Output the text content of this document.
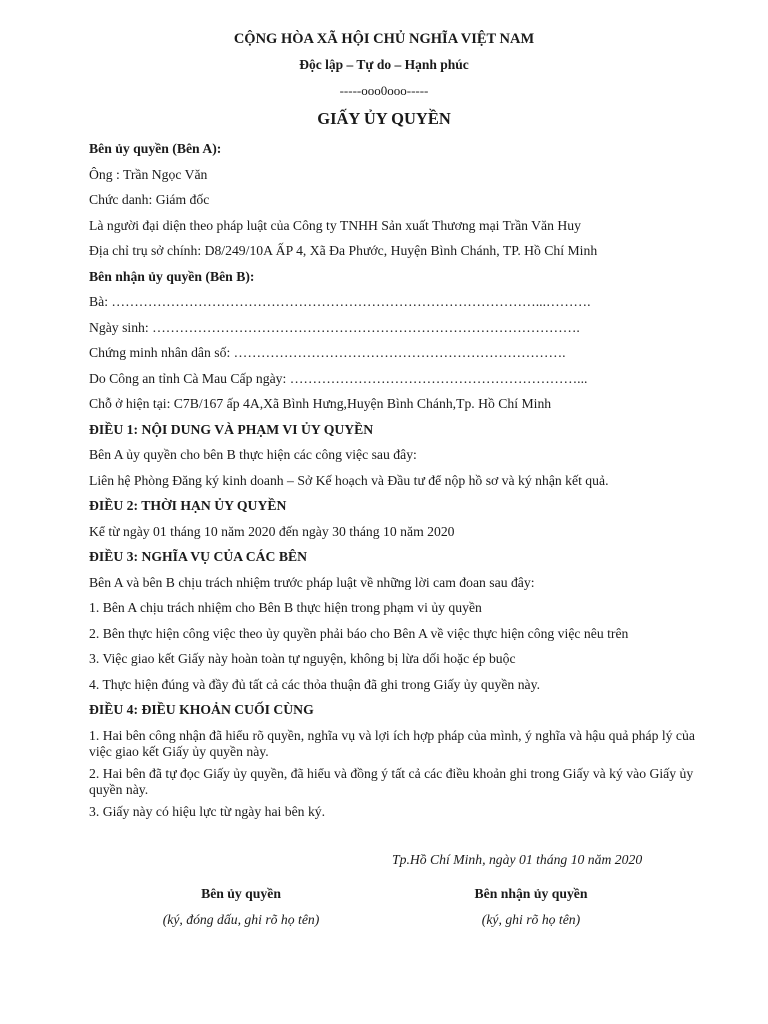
CỘNG HÒA XÃ HỘI CHỦ NGHĨA VIỆT NAM
Độc lập – Tự do – Hạnh phúc
-----ooo0ooo-----
GIẤY ỦY QUYỀN

Bên ủy quyền (Bên A):

Ông : Trần Ngọc Văn

Chức danh: Giám đốc

Là người đại diện theo pháp luật của Công ty TNHH Sản xuất Thương mại Trần Văn Huy

Địa chỉ trụ sở chính: D8/249/10A ẤP 4, Xã Đa Phước, Huyện Bình Chánh, TP. Hồ Chí Minh

Bên nhận ủy quyền (Bên B):

Bà: …………………………………………………………………………………...……….

Ngày sinh: ………………………………………………………………………………….

Chứng minh nhân dân số: ……………………………………………………………….

Do Công an tỉnh Cà Mau Cấp ngày: ………………………………………………………...

Chỗ ở hiện tại: C7B/167 ấp 4A,Xã Bình Hưng,Huyện Bình Chánh,Tp. Hồ Chí Minh

ĐIỀU 1: NỘI DUNG VÀ PHẠM VI ỦY QUYỀN

Bên A ủy quyền cho bên B thực hiện các công việc sau đây:

Liên hệ Phòng Đăng ký kinh doanh – Sở Kế hoạch và Đầu tư để nộp hồ sơ và ký nhận kết quả.

ĐIỀU 2: THỜI HẠN ỦY QUYỀN

Kể từ ngày 01 tháng 10 năm 2020 đến ngày 30 tháng 10 năm 2020

ĐIỀU 3: NGHĨA VỤ CỦA CÁC BÊN

Bên A và bên B chịu trách nhiệm trước pháp luật về những lời cam đoan sau đây:

1. Bên A chịu trách nhiệm cho Bên B thực hiện trong phạm vi ủy quyền

2. Bên thực hiện công việc theo ủy quyền phải báo cho Bên A về việc thực hiện công việc nêu trên

3. Việc giao kết Giấy này hoàn toàn tự nguyện, không bị lừa dối hoặc ép buộc

4. Thực hiện đúng và đầy đủ tất cả các thỏa thuận đã ghi trong Giấy ủy quyền này.

ĐIỀU 4: ĐIỀU KHOẢN CUỐI CÙNG

1. Hai bên công nhận đã hiểu rõ quyền, nghĩa vụ và lợi ích hợp pháp của mình, ý nghĩa và hậu quả pháp lý của việc giao kết Giấy ủy quyền này.

2. Hai bên đã tự đọc Giấy ủy quyền, đã hiểu và đồng ý tất cả các điều khoản ghi trong Giấy và ký vào Giấy ủy quyền này.

3. Giấy này có hiệu lực từ ngày hai bên ký.

Tp.Hồ Chí Minh, ngày 01 tháng 10 năm 2020
Bên ủy quyền
(ký, đóng dấu, ghi rõ họ tên)
Bên nhận ủy quyền
(ký, ghi rõ họ tên)
